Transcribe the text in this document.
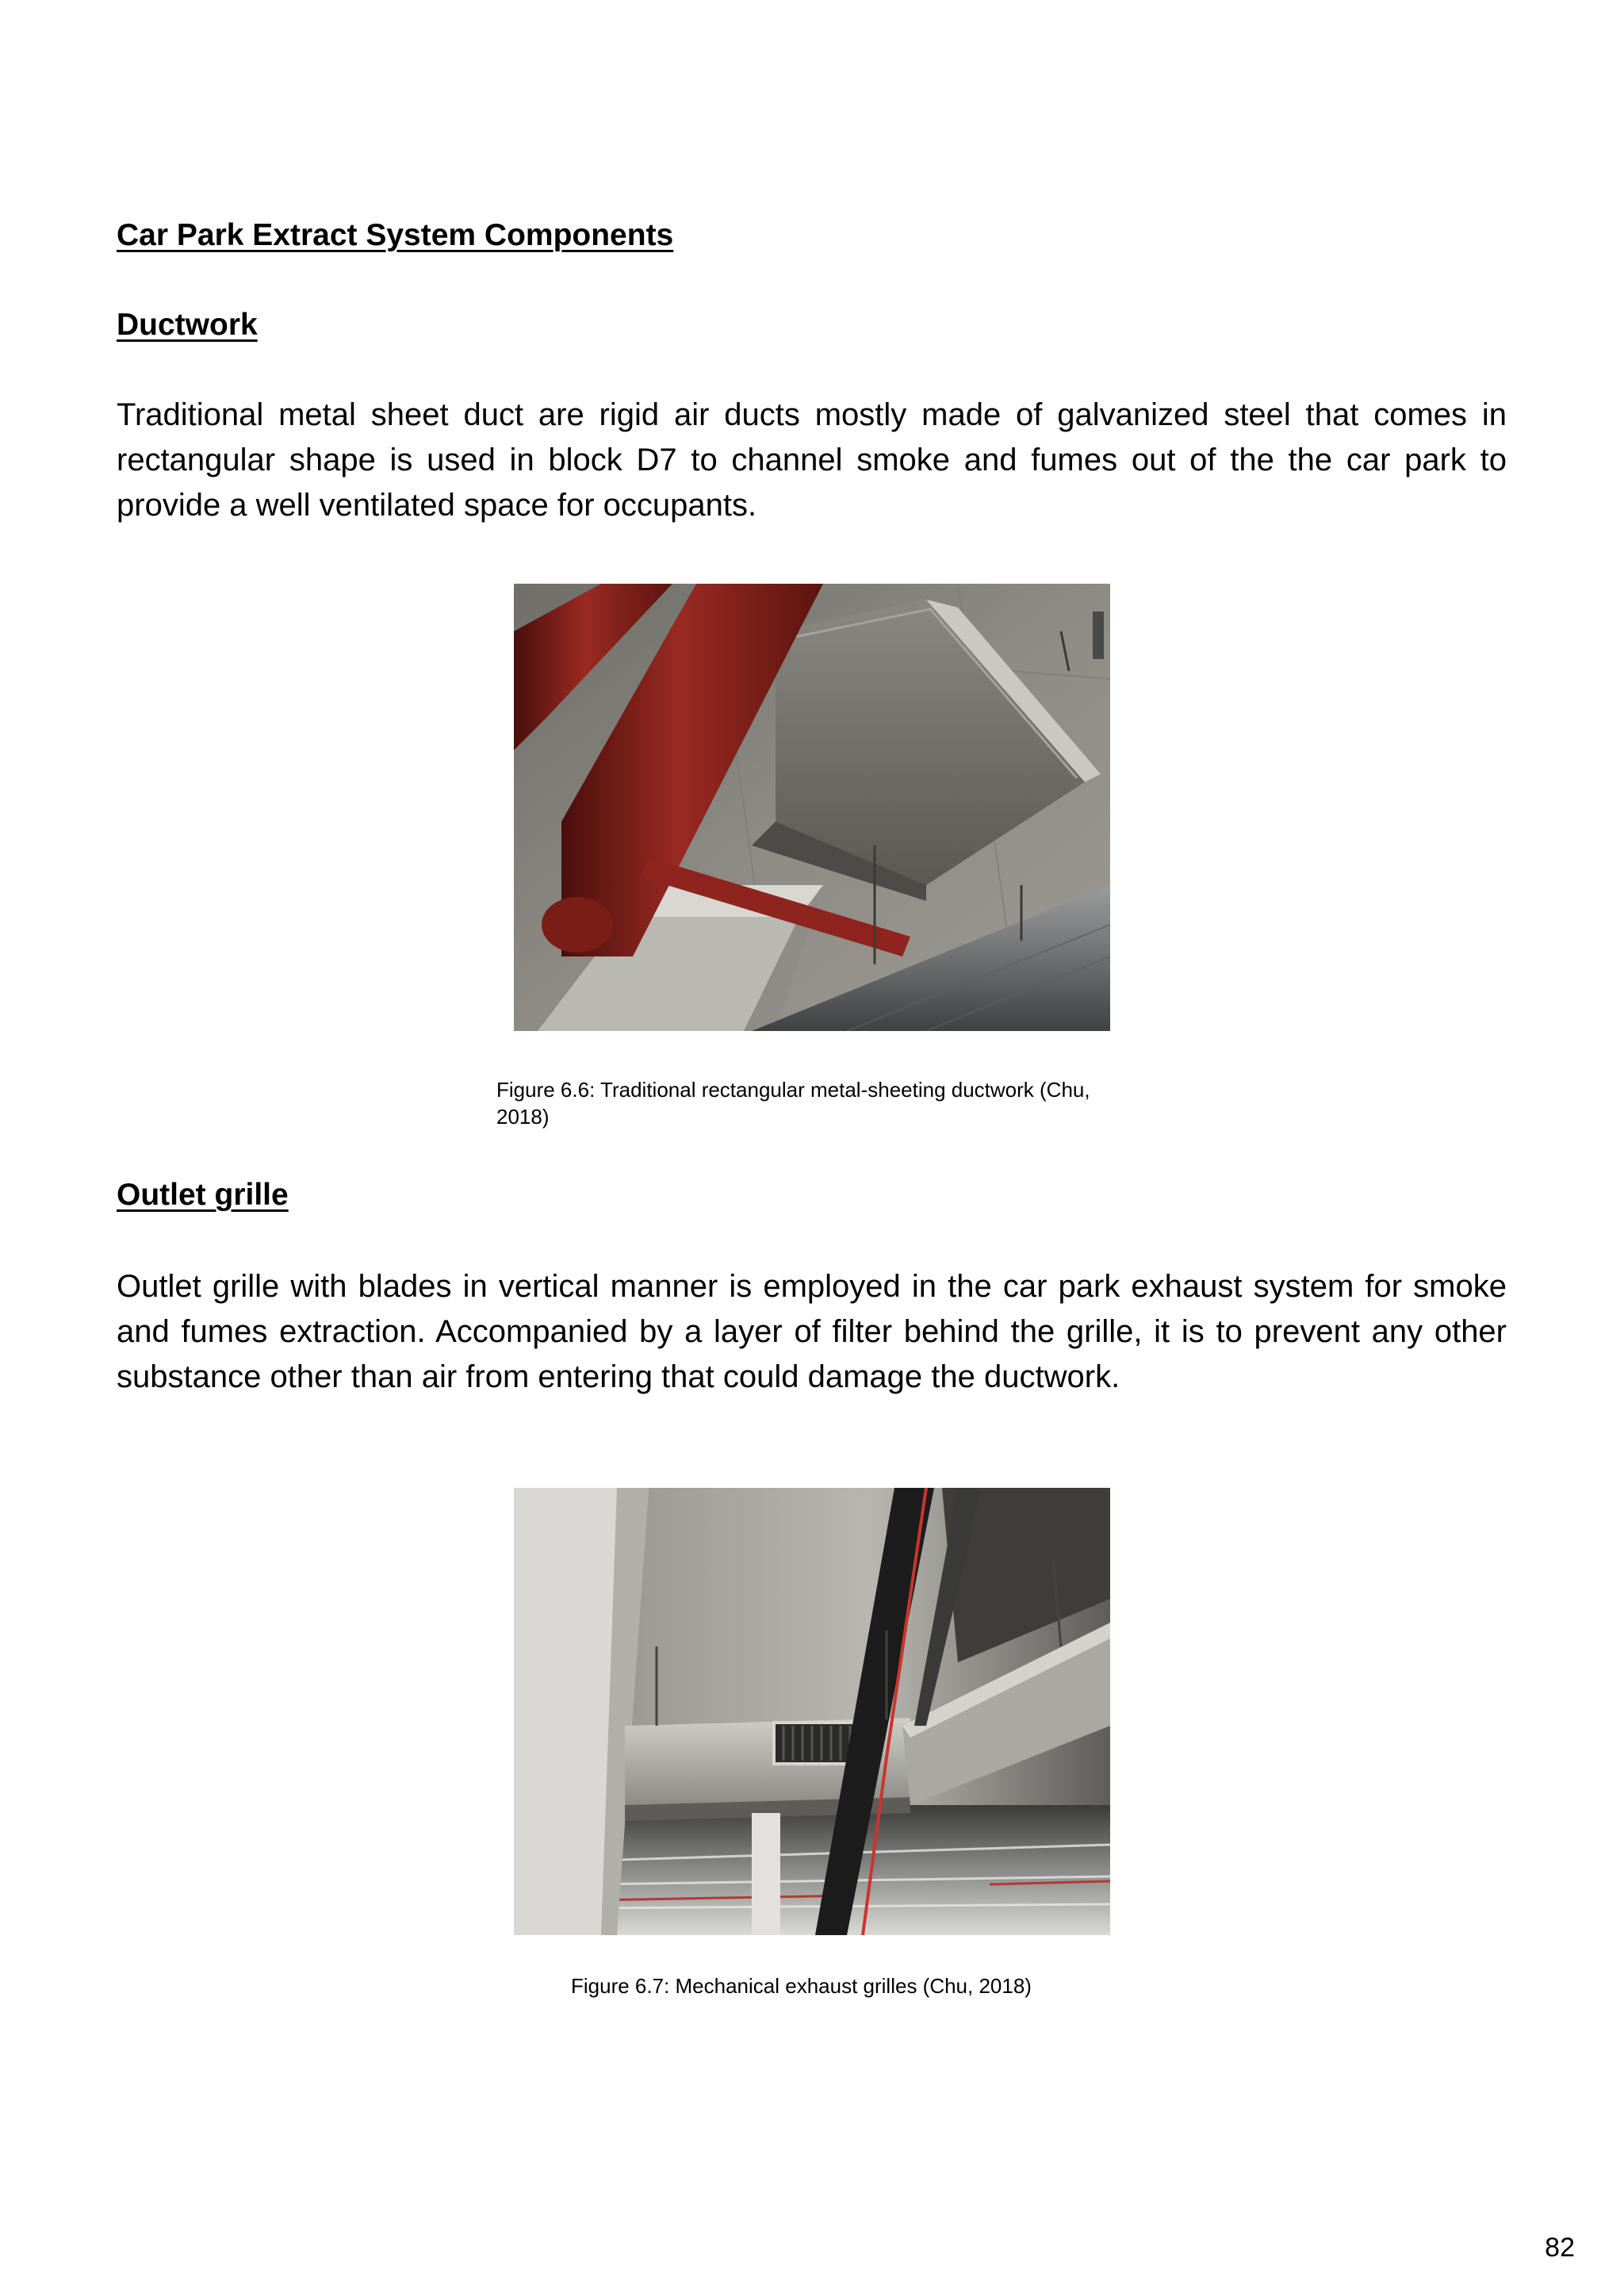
Car Park Extract System Components
Ductwork
Traditional metal sheet duct are rigid air ducts mostly made of galvanized steel that comes in rectangular shape is used in block D7 to channel smoke and fumes out of the the car park to provide a well ventilated space for occupants.
Figure 6.6: Traditional rectangular metal-sheeting ductwork (Chu, 2018)
Outlet grille
Outlet grille with blades in vertical manner is employed in the car park exhaust system for smoke and fumes extraction. Accompanied by a layer of filter behind the grille, it is to prevent any other substance other than air from entering that could damage the ductwork.
Figure 6.7: Mechanical exhaust grilles (Chu, 2018)
82
